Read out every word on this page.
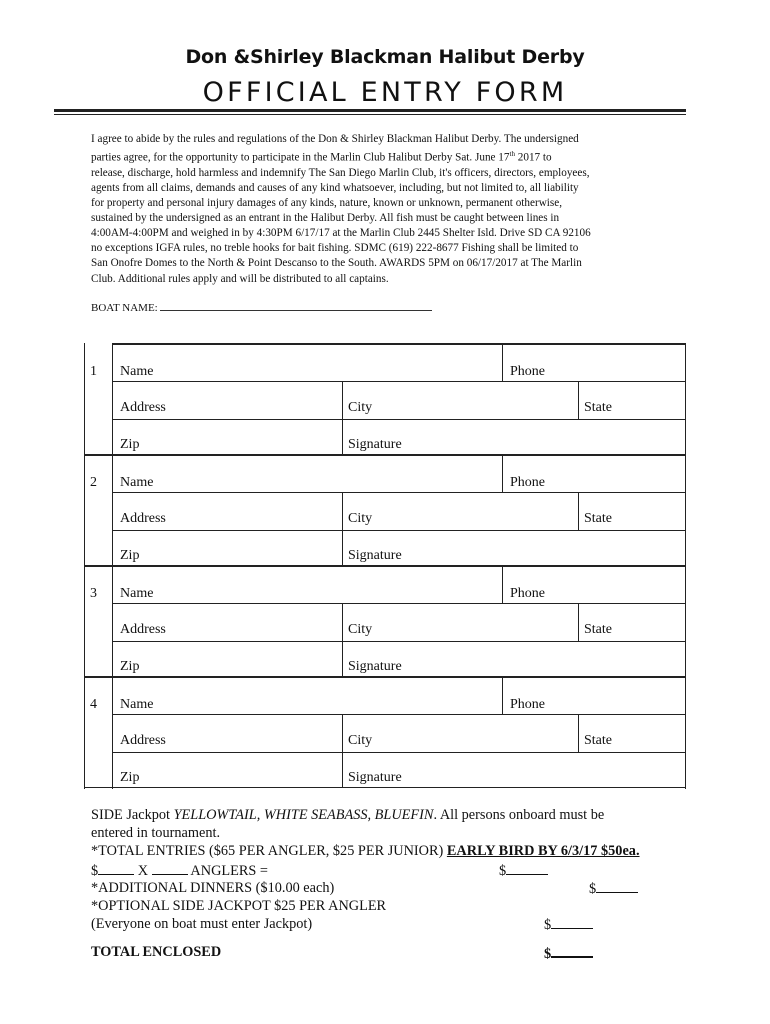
Don &Shirley Blackman Halibut Derby
OFFICIAL ENTRY FORM

I agree to abide by the rules and regulations of the Don & Shirley Blackman Halibut Derby. The undersigned

parties agree, for the opportunity to participate in the Marlin Club Halibut Derby Sat. June 17th 2017 to

release, discharge, hold harmless and indemnify The San Diego Marlin Club, it's officers, directors, employees,

agents from all claims, demands and causes of any kind whatsoever, including, but not limited to, all liability

for property and personal injury damages of any kinds, nature, known or unknown, permanent otherwise,

sustained by the undersigned as an entrant in the Halibut Derby. All fish must be caught between lines in

4:00AM-4:00PM and weighed in by 4:30PM 6/17/17 at the Marlin Club 2445 Shelter Isld. Drive SD CA 92106

no exceptions IGFA rules, no treble hooks for bait fishing. SDMC (619) 222-8677 Fishing shall be limited to

San Onofre Domes to the North & Point Descanso to the South. AWARDS 5PM on 06/17/2017 at The Marlin

Club. Additional rules apply and will be distributed to all captains.

BOAT NAME:
1 Name	Phone
Address	City	State
Zip	Signature
2 Name	Phone
Address	City	State
Zip	Signature
3 Name	Phone
Address	City	State
Zip	Signature
4 Name	Phone
Address	City	State
Zip	Signature
SIDE Jackpot YELLOWTAIL, WHITE SEABASS, BLUEFIN. All persons onboard must be
entered in tournament.
*TOTAL ENTRIES ($65 PER ANGLER, $25 PER JUNIOR) EARLY BIRD BY 6/3/17 $50ea.
$	X	ANGLERS =	$
*ADDITIONAL DINNERS ($10.00 each)	$
*OPTIONAL SIDE JACKPOT $25 PER ANGLER
(Everyone on boat must enter Jackpot)	$
TOTAL ENCLOSED	$
